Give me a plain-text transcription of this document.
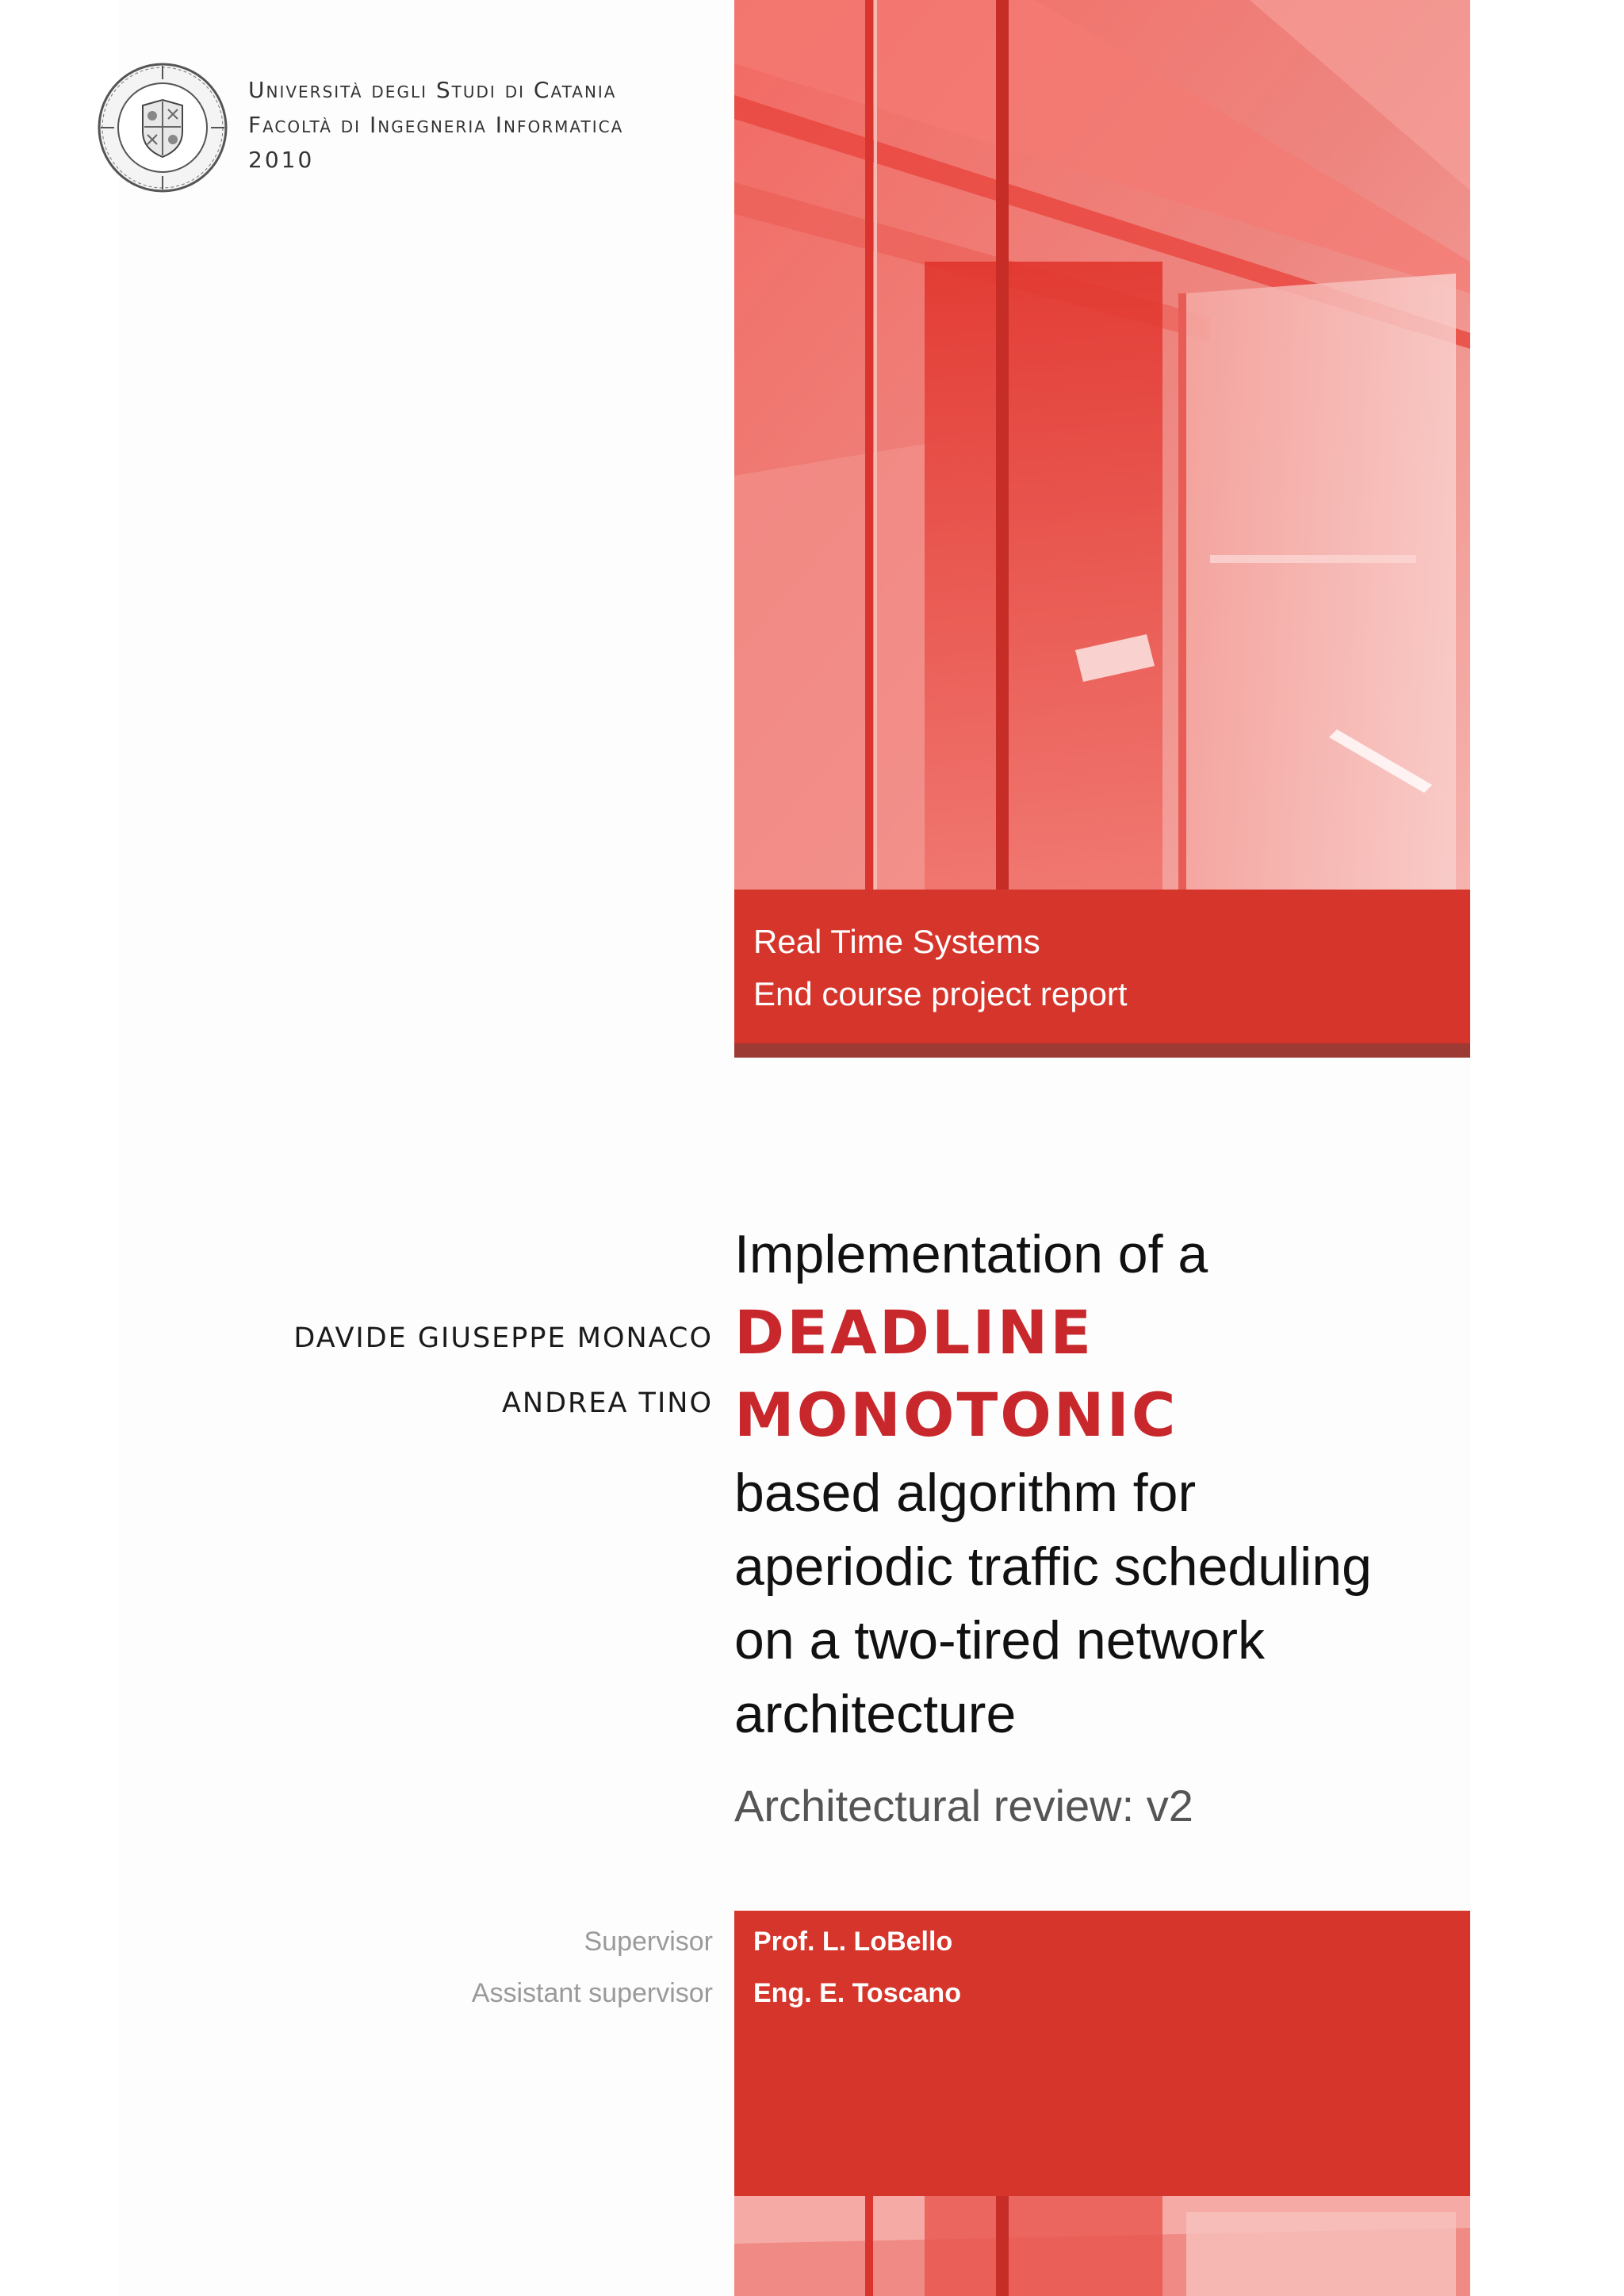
Università degli Studi di Catania
Facoltà di Ingegneria Informatica
2010
Real Time Systems
End course project report
DAVIDE GIUSEPPE MONACO
ANDREA TINO
Implementation of a
DEADLINE
MONOTONIC
based algorithm for
aperiodic traffic scheduling
on a two-tired network
architecture
Architectural review: v2
Supervisor
Assistant supervisor
Prof. L. LoBello
Eng. E. Toscano
